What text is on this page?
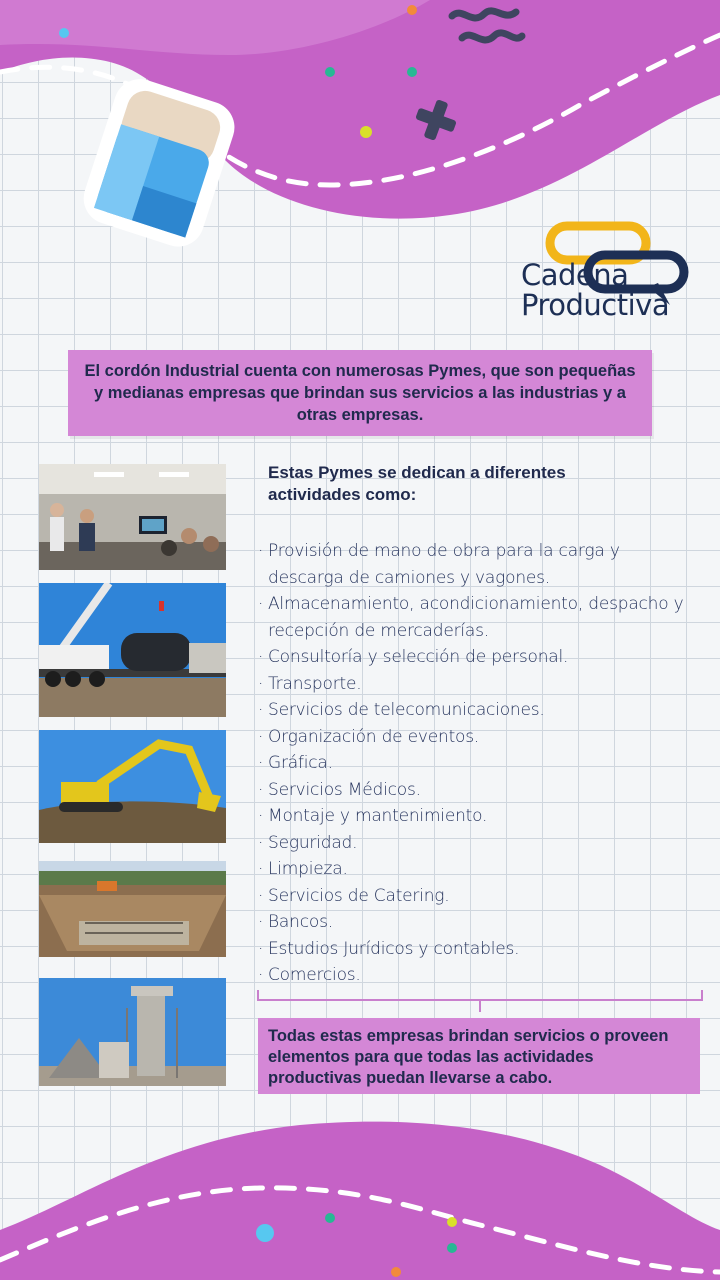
Cadena
Productiva
El cordón Industrial cuenta con numerosas Pymes, que son pequeñas y medianas empresas que brindan sus servicios a las industrias y a otras empresas.
Estas Pymes se dedican a diferentes
actividades como:
· Provisión de mano de obra para la carga y descarga de camiones y vagones.
· Almacenamiento, acondicionamiento, despacho y recepción de mercaderías.
· Consultoría y selección de personal.
· Transporte.
· Servicios de telecomunicaciones.
· Organización de eventos.
· Gráfica.
· Servicios Médicos.
· Montaje y mantenimiento.
· Seguridad.
· Limpieza.
· Servicios de Catering.
· Bancos.
· Estudios Jurídicos y contables.
· Comercios.
Todas estas empresas brindan servicios o proveen elementos para que todas las actividades productivas puedan llevarse a cabo.
